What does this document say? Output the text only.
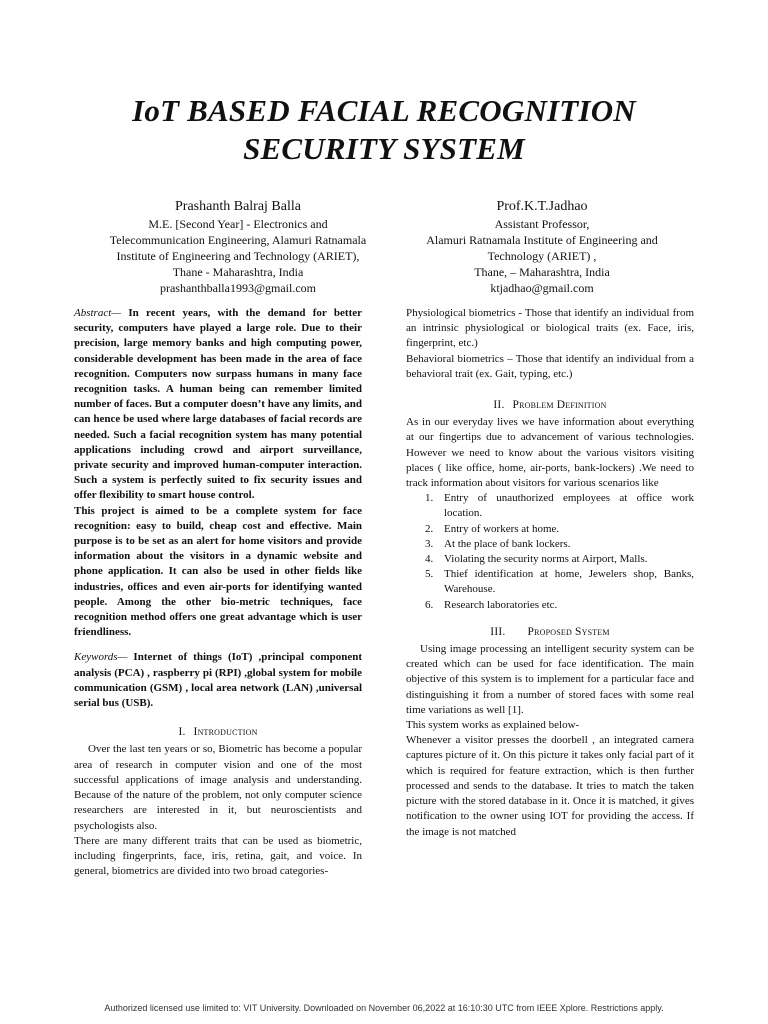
IoT BASED FACIAL RECOGNITION
SECURITY SYSTEM
Prashanth Balraj Balla
M.E. [Second Year] - Electronics and
Telecommunication Engineering, Alamuri Ratnamala
Institute of Engineering and Technology (ARIET),
Thane - Maharashtra, India
prashanthballa1993@gmail.com
Prof.K.T.Jadhao
Assistant Professor,
Alamuri Ratnamala Institute of Engineering and
Technology (ARIET) ,
Thane, – Maharashtra, India
ktjadhao@gmail.com

Abstract— In recent years, with the demand for better security, computers have played a large role. Due to their precision, large memory banks and high computing power, considerable development has been made in the area of face recognition. Computers now surpass humans in many face recognition tasks. A human being can remember limited number of faces. But a computer doesn’t have any limits, and can hence be used where large databases of facial records are needed. Such a facial recognition system has many potential applications including crowd and airport surveillance, private security and improved human-computer interaction. Such a system is perfectly suited to fix security issues and offer flexibility to smart house control.

This project is aimed to be a complete system for face recognition: easy to build, cheap cost and effective. Main purpose is to be set as an alert for home visitors and provide information about the visitors in a dynamic website and phone application. It can also be used in other fields like industries, offices and even air-ports for identifying wanted people. Among the other bio-metric techniques, face recognition method offers one great advantage which is user friendliness.

Keywords— Internet of things (IoT) ,principal component analysis (PCA) , raspberry pi (RPI) ,global system for mobile communication (GSM) , local area network (LAN) ,universal serial bus (USB).
I. Introduction

Over the last ten years or so, Biometric has become a popular area of research in computer vision and one of the most successful applications of image analysis and understanding. Because of the nature of the problem, not only computer science researchers are interested in it, but neuroscientists and psychologists also.

There are many different traits that can be used as biometric, including fingerprints, face, iris, retina, gait, and voice. In general, biometrics are divided into two broad categories-

Physiological biometrics - Those that identify an individual from an intrinsic physiological or biological traits (ex. Face, iris, fingerprint, etc.)

Behavioral biometrics – Those that identify an individual from a behavioral trait (ex. Gait, typing, etc.)

II. Problem Definition

As in our everyday lives we have information about everything at our fingertips due to advancement of various technologies. However we need to know about the various visitors visiting places ( like office, home, air-ports, bank-lockers) .We need to track information about visitors for various scenarios like

1. Entry of unauthorized employees at office work location.
2. Entry of workers at home.
3. At the place of bank lockers.
4. Violating the security norms at Airport, Malls.
5. Thief identification at home, Jewelers shop, Banks, Warehouse.
6. Research laboratories etc.
III. Proposed System

Using image processing an intelligent security system can be created which can be used for face identification. The main objective of this system is to implement for a particular face and distinguishing it from a number of stored faces with some real time variations as well [1].

This system works as explained below-

Whenever a visitor presses the doorbell , an integrated camera captures picture of it. On this picture it takes only facial part of it which is required for feature extraction, which is then further processed and sends to the database. It tries to match the taken picture with the stored database in it. Once it is matched, it gives notification to the owner using IOT for providing the access. If the image is not matched

Authorized licensed use limited to: VIT University. Downloaded on November 06,2022 at 16:10:30 UTC from IEEE Xplore. Restrictions apply.
